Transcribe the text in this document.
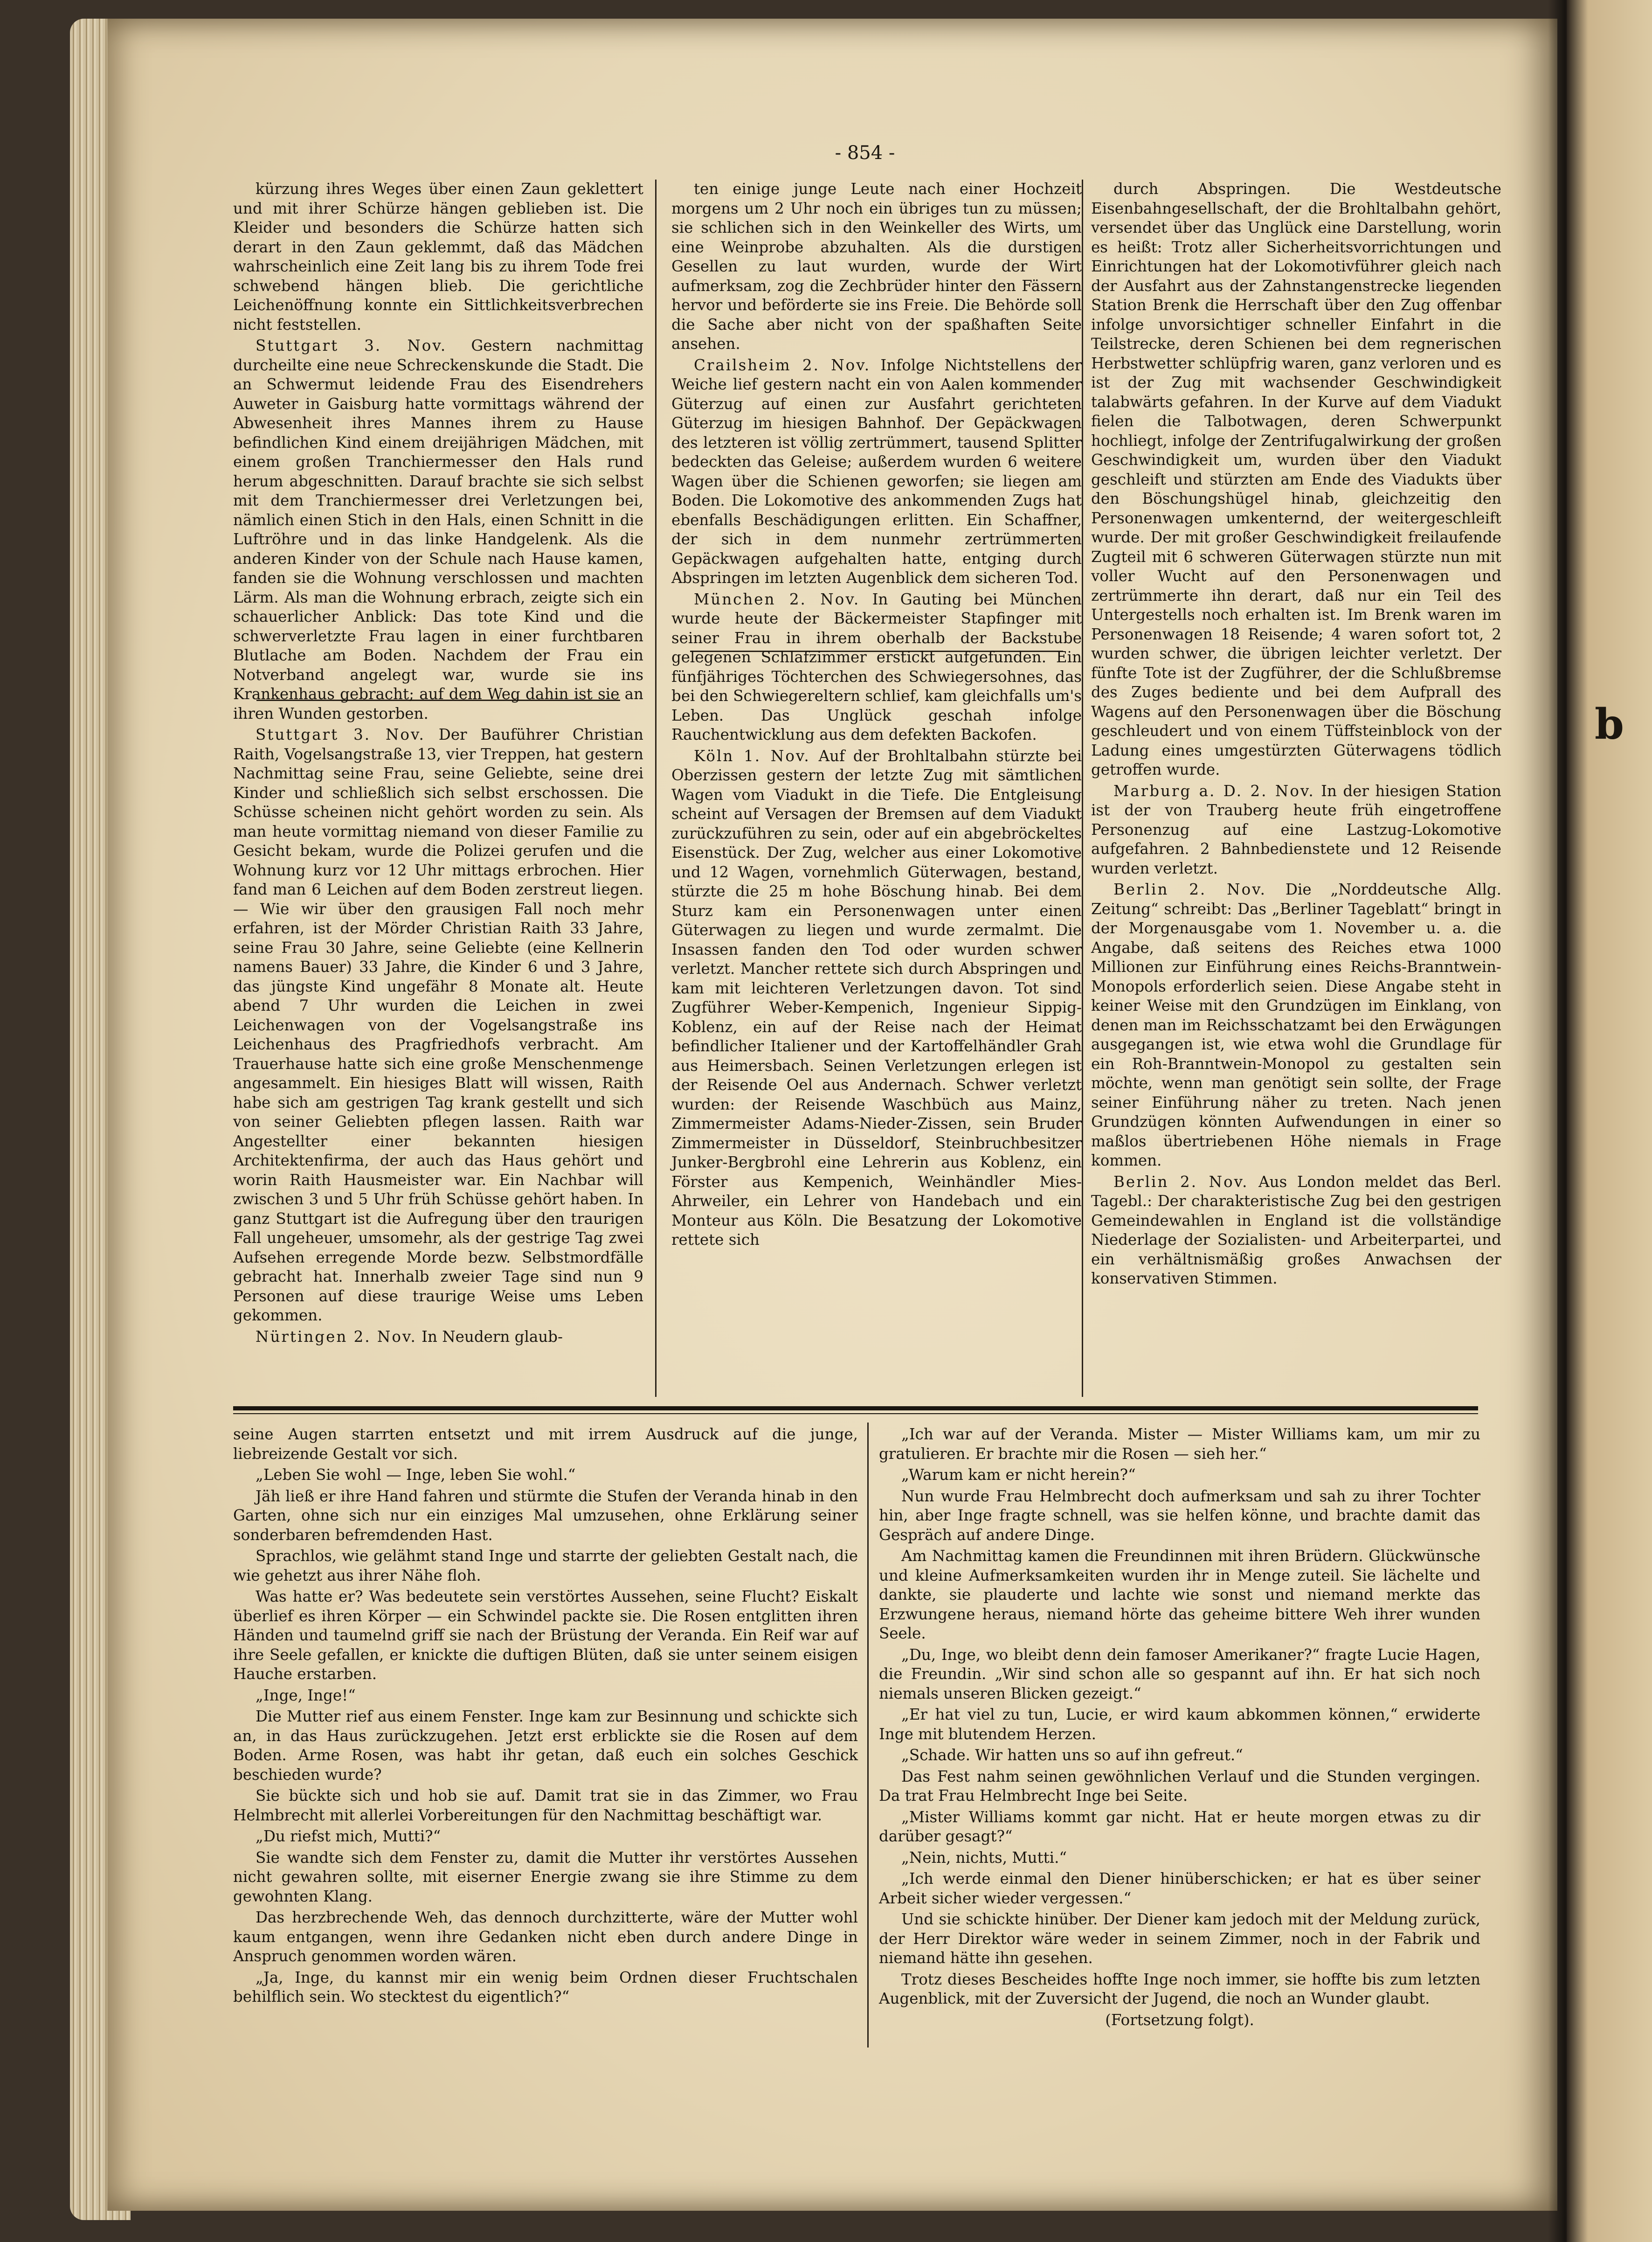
b
- 854 -

kürzung ihres Weges über einen Zaun geklettert und mit ihrer Schürze hängen geblieben ist. Die Kleider und besonders die Schürze hatten sich derart in den Zaun geklemmt, daß das Mädchen wahrscheinlich eine Zeit lang bis zu ihrem Tode frei schwebend hängen blieb. Die gerichtliche Leichenöffnung konnte ein Sittlichkeitsverbrechen nicht feststellen.

Stuttgart 3. Nov. Gestern nachmittag durcheilte eine neue Schreckenskunde die Stadt. Die an Schwermut leidende Frau des Eisendrehers Auweter in Gaisburg hatte vormittags während der Abwesenheit ihres Mannes ihrem zu Hause befindlichen Kind einem dreijährigen Mädchen, mit einem großen Tranchiermesser den Hals rund herum abgeschnitten. Darauf brachte sie sich selbst mit dem Tranchiermesser drei Verletzungen bei, nämlich einen Stich in den Hals, einen Schnitt in die Luftröhre und in das linke Handgelenk. Als die anderen Kinder von der Schule nach Hause kamen, fanden sie die Wohnung verschlossen und machten Lärm. Als man die Wohnung erbrach, zeigte sich ein schauerlicher Anblick: Das tote Kind und die schwerverletzte Frau lagen in einer furchtbaren Blutlache am Boden. Nachdem der Frau ein Notverband angelegt war, wurde sie ins Krankenhaus gebracht; auf dem Weg dahin ist sie an ihren Wunden gestorben.

Stuttgart 3. Nov. Der Bauführer Christian Raith, Vogelsangstraße 13, vier Treppen, hat gestern Nachmittag seine Frau, seine Geliebte, seine drei Kinder und schließlich sich selbst erschossen. Die Schüsse scheinen nicht gehört worden zu sein. Als man heute vormittag niemand von dieser Familie zu Gesicht bekam, wurde die Polizei gerufen und die Wohnung kurz vor 12 Uhr mittags erbrochen. Hier fand man 6 Leichen auf dem Boden zerstreut liegen. — Wie wir über den grausigen Fall noch mehr erfahren, ist der Mörder Christian Raith 33 Jahre, seine Frau 30 Jahre, seine Geliebte (eine Kellnerin namens Bauer) 33 Jahre, die Kinder 6 und 3 Jahre, das jüngste Kind ungefähr 8 Monate alt. Heute abend 7 Uhr wurden die Leichen in zwei Leichenwagen von der Vogelsangstraße ins Leichenhaus des Pragfriedhofs verbracht. Am Trauerhause hatte sich eine große Menschenmenge angesammelt. Ein hiesiges Blatt will wissen, Raith habe sich am gestrigen Tag krank gestellt und sich von seiner Geliebten pflegen lassen. Raith war Angestellter einer bekannten hiesigen Architektenfirma, der auch das Haus gehört und worin Raith Hausmeister war. Ein Nachbar will zwischen 3 und 5 Uhr früh Schüsse gehört haben. In ganz Stuttgart ist die Aufregung über den traurigen Fall ungeheuer, umsomehr, als der gestrige Tag zwei Aufsehen erregende Morde bezw. Selbstmordfälle gebracht hat. Innerhalb zweier Tage sind nun 9 Personen auf diese traurige Weise ums Leben gekommen.

Nürtingen 2. Nov. In Neudern glaub-

ten einige junge Leute nach einer Hochzeit morgens um 2 Uhr noch ein übriges tun zu müssen; sie schlichen sich in den Weinkeller des Wirts, um eine Weinprobe abzuhalten. Als die durstigen Gesellen zu laut wurden, wurde der Wirt aufmerksam, zog die Zechbrüder hinter den Fässern hervor und beförderte sie ins Freie. Die Behörde soll die Sache aber nicht von der spaßhaften Seite ansehen.

Crailsheim 2. Nov. Infolge Nichtstellens der Weiche lief gestern nacht ein von Aalen kommender Güterzug auf einen zur Ausfahrt gerichteten Güterzug im hiesigen Bahnhof. Der Gepäckwagen des letzteren ist völlig zertrümmert, tausend Splitter bedeckten das Geleise; außerdem wurden 6 weitere Wagen über die Schienen geworfen; sie liegen am Boden. Die Lokomotive des ankommenden Zugs hat ebenfalls Beschädigungen erlitten. Ein Schaffner, der sich in dem nunmehr zertrümmerten Gepäckwagen aufgehalten hatte, entging durch Abspringen im letzten Augenblick dem sicheren Tod.

München 2. Nov. In Gauting bei München wurde heute der Bäckermeister Stapfinger mit seiner Frau in ihrem oberhalb der Backstube gelegenen Schlafzimmer erstickt aufgefunden. Ein fünfjähriges Töchterchen des Schwiegersohnes, das bei den Schwiegereltern schlief, kam gleichfalls um's Leben. Das Unglück geschah infolge Rauchentwicklung aus dem defekten Backofen.

Köln 1. Nov. Auf der Brohltalbahn stürzte bei Oberzissen gestern der letzte Zug mit sämtlichen Wagen vom Viadukt in die Tiefe. Die Entgleisung scheint auf Versagen der Bremsen auf dem Viadukt zurückzuführen zu sein, oder auf ein abgebröckeltes Eisenstück. Der Zug, welcher aus einer Lokomotive und 12 Wagen, vornehmlich Güterwagen, bestand, stürzte die 25 m hohe Böschung hinab. Bei dem Sturz kam ein Personenwagen unter einen Güterwagen zu liegen und wurde zermalmt. Die Insassen fanden den Tod oder wurden schwer verletzt. Mancher rettete sich durch Abspringen und kam mit leichteren Verletzungen davon. Tot sind Zugführer Weber-Kempenich, Ingenieur Sippig-Koblenz, ein auf der Reise nach der Heimat befindlicher Italiener und der Kartoffelhändler Grah aus Heimersbach. Seinen Verletzungen erlegen ist der Reisende Oel aus Andernach. Schwer verletzt wurden: der Reisende Waschbüch aus Mainz, Zimmermeister Adams-Nieder-Zissen, sein Bruder Zimmermeister in Düsseldorf, Steinbruchbesitzer Junker-Bergbrohl eine Lehrerin aus Koblenz, ein Förster aus Kempenich, Weinhändler Mies-Ahrweiler, ein Lehrer von Handebach und ein Monteur aus Köln. Die Besatzung der Lokomotive rettete sich

durch Abspringen. Die Westdeutsche Eisenbahngesellschaft, der die Brohltalbahn gehört, versendet über das Unglück eine Darstellung, worin es heißt: Trotz aller Sicherheitsvorrichtungen und Einrichtungen hat der Lokomotivführer gleich nach der Ausfahrt aus der Zahnstangenstrecke liegenden Station Brenk die Herrschaft über den Zug offenbar infolge unvorsichtiger schneller Einfahrt in die Teilstrecke, deren Schienen bei dem regnerischen Herbstwetter schlüpfrig waren, ganz verloren und es ist der Zug mit wachsender Geschwindigkeit talabwärts gefahren. In der Kurve auf dem Viadukt fielen die Talbotwagen, deren Schwerpunkt hochliegt, infolge der Zentrifugalwirkung der großen Geschwindigkeit um, wurden über den Viadukt geschleift und stürzten am Ende des Viadukts über den Böschungshügel hinab, gleichzeitig den Personenwagen umkenternd, der weitergeschleift wurde. Der mit großer Geschwindigkeit freilaufende Zugteil mit 6 schweren Güterwagen stürzte nun mit voller Wucht auf den Personenwagen und zertrümmerte ihn derart, daß nur ein Teil des Untergestells noch erhalten ist. Im Brenk waren im Personenwagen 18 Reisende; 4 waren sofort tot, 2 wurden schwer, die übrigen leichter verletzt. Der fünfte Tote ist der Zugführer, der die Schlußbremse des Zuges bediente und bei dem Aufprall des Wagens auf den Personenwagen über die Böschung geschleudert und von einem Tüffsteinblock von der Ladung eines umgestürzten Güterwagens tödlich getroffen wurde.

Marburg a. D. 2. Nov. In der hiesigen Station ist der von Trauberg heute früh eingetroffene Personenzug auf eine Lastzug-Lokomotive aufgefahren. 2 Bahnbedienstete und 12 Reisende wurden verletzt.

Berlin 2. Nov. Die „Norddeutsche Allg. Zeitung“ schreibt: Das „Berliner Tageblatt“ bringt in der Morgenausgabe vom 1. November u. a. die Angabe, daß seitens des Reiches etwa 1000 Millionen zur Einführung eines Reichs-Branntwein-Monopols erforderlich seien. Diese Angabe steht in keiner Weise mit den Grundzügen im Einklang, von denen man im Reichsschatzamt bei den Erwägungen ausgegangen ist, wie etwa wohl die Grundlage für ein Roh-Branntwein-Monopol zu gestalten sein möchte, wenn man genötigt sein sollte, der Frage seiner Einführung näher zu treten. Nach jenen Grundzügen könnten Aufwendungen in einer so maßlos übertriebenen Höhe niemals in Frage kommen.

Berlin 2. Nov. Aus London meldet das Berl. Tagebl.: Der charakteristische Zug bei den gestrigen Gemeindewahlen in England ist die vollständige Niederlage der Sozialisten- und Arbeiterpartei, und ein verhältnismäßig großes Anwachsen der konservativen Stimmen.

seine Augen starrten entsetzt und mit irrem Ausdruck auf die junge, liebreizende Gestalt vor sich.

„Leben Sie wohl — Inge, leben Sie wohl.“

Jäh ließ er ihre Hand fahren und stürmte die Stufen der Veranda hinab in den Garten, ohne sich nur ein einziges Mal umzusehen, ohne Erklärung seiner sonderbaren befremdenden Hast.

Sprachlos, wie gelähmt stand Inge und starrte der geliebten Gestalt nach, die wie gehetzt aus ihrer Nähe floh.

Was hatte er? Was bedeutete sein verstörtes Aussehen, seine Flucht? Eiskalt überlief es ihren Körper — ein Schwindel packte sie. Die Rosen entglitten ihren Händen und taumelnd griff sie nach der Brüstung der Veranda. Ein Reif war auf ihre Seele gefallen, er knickte die duftigen Blüten, daß sie unter seinem eisigen Hauche erstarben.

„Inge, Inge!“

Die Mutter rief aus einem Fenster. Inge kam zur Besinnung und schickte sich an, in das Haus zurückzugehen. Jetzt erst erblickte sie die Rosen auf dem Boden. Arme Rosen, was habt ihr getan, daß euch ein solches Geschick beschieden wurde?

Sie bückte sich und hob sie auf. Damit trat sie in das Zimmer, wo Frau Helmbrecht mit allerlei Vorbereitungen für den Nachmittag beschäftigt war.

„Du riefst mich, Mutti?“

Sie wandte sich dem Fenster zu, damit die Mutter ihr verstörtes Aussehen nicht gewahren sollte, mit eiserner Energie zwang sie ihre Stimme zu dem gewohnten Klang.

Das herzbrechende Weh, das dennoch durchzitterte, wäre der Mutter wohl kaum entgangen, wenn ihre Gedanken nicht eben durch andere Dinge in Anspruch genommen worden wären.

„Ja, Inge, du kannst mir ein wenig beim Ordnen dieser Fruchtschalen behilflich sein. Wo stecktest du eigentlich?“

„Ich war auf der Veranda. Mister — Mister Williams kam, um mir zu gratulieren. Er brachte mir die Rosen — sieh her.“

„Warum kam er nicht herein?“

Nun wurde Frau Helmbrecht doch aufmerksam und sah zu ihrer Tochter hin, aber Inge fragte schnell, was sie helfen könne, und brachte damit das Gespräch auf andere Dinge.

Am Nachmittag kamen die Freundinnen mit ihren Brüdern. Glückwünsche und kleine Aufmerksamkeiten wurden ihr in Menge zuteil. Sie lächelte und dankte, sie plauderte und lachte wie sonst und niemand merkte das Erzwungene heraus, niemand hörte das geheime bittere Weh ihrer wunden Seele.

„Du, Inge, wo bleibt denn dein famoser Amerikaner?“ fragte Lucie Hagen, die Freundin. „Wir sind schon alle so gespannt auf ihn. Er hat sich noch niemals unseren Blicken gezeigt.“

„Er hat viel zu tun, Lucie, er wird kaum abkommen können,“ erwiderte Inge mit blutendem Herzen.

„Schade. Wir hatten uns so auf ihn gefreut.“

Das Fest nahm seinen gewöhnlichen Verlauf und die Stunden vergingen. Da trat Frau Helmbrecht Inge bei Seite.

„Mister Williams kommt gar nicht. Hat er heute morgen etwas zu dir darüber gesagt?“

„Nein, nichts, Mutti.“

„Ich werde einmal den Diener hinüberschicken; er hat es über seiner Arbeit sicher wieder vergessen.“

Und sie schickte hinüber. Der Diener kam jedoch mit der Meldung zurück, der Herr Direktor wäre weder in seinem Zimmer, noch in der Fabrik und niemand hätte ihn gesehen.

Trotz dieses Bescheides hoffte Inge noch immer, sie hoffte bis zum letzten Augenblick, mit der Zuversicht der Jugend, die noch an Wunder glaubt.

(Fortsetzung folgt).
